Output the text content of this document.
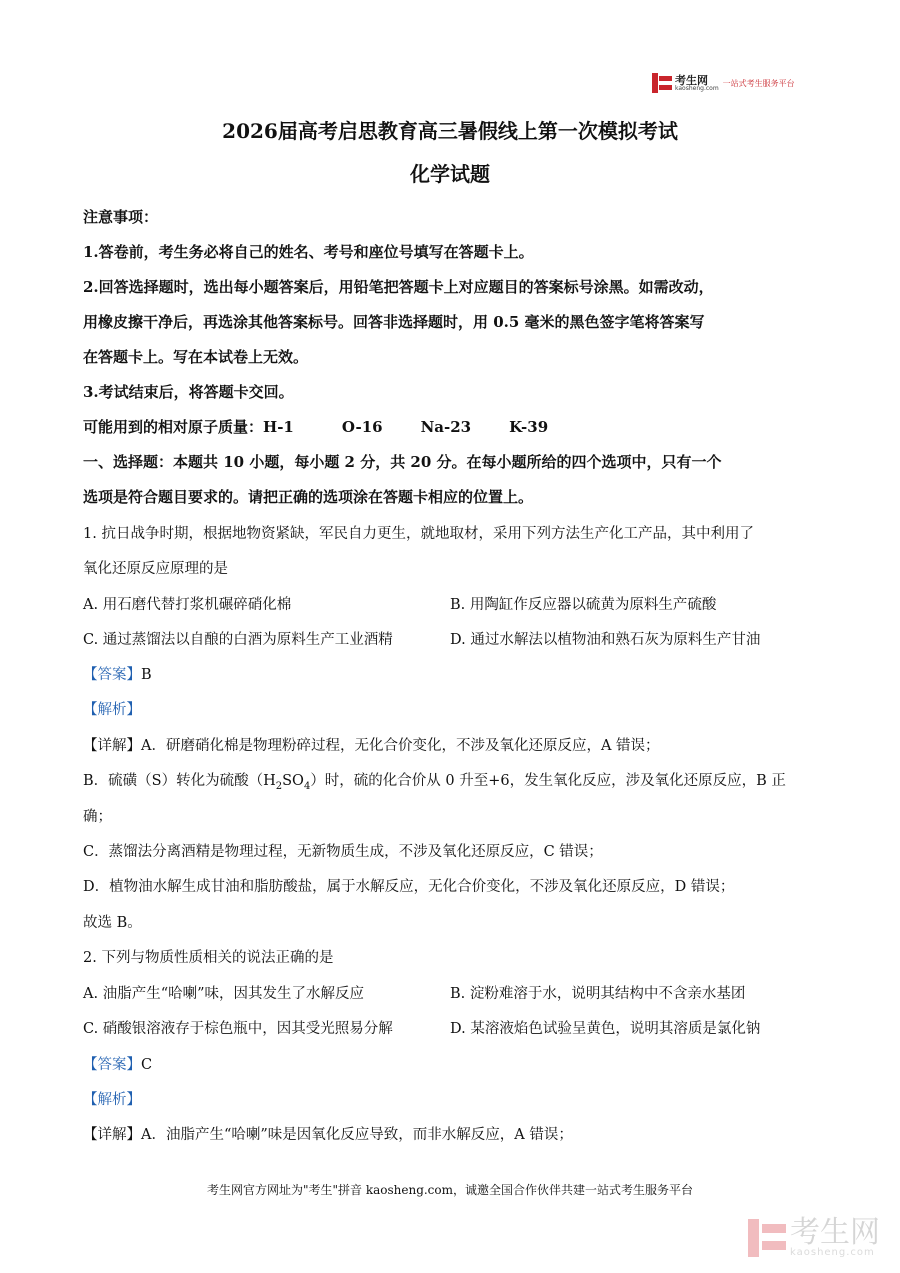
考生网
kaosheng.com
一站式考生服务平台
2026届高考启思教育高三暑假线上第一次模拟考试
化学试题
注意事项：
1.答卷前，考生务必将自己的姓名、考号和座位号填写在答题卡上。
2.回答选择题时，选出每小题答案后，用铅笔把答题卡上对应题目的答案标号涂黑。如需改动，
用橡皮擦干净后，再选涂其他答案标号。回答非选择题时，用 0.5 毫米的黑色签字笔将答案写
在答题卡上。写在本试卷上无效。
3.考试结束后，将答题卡交回。
可能用到的相对原子质量：H-1	O-16	Na-23	K-39
一、选择题：本题共 10 小题，每小题 2 分，共 20 分。在每小题所给的四个选项中，只有一个
选项是符合题目要求的。请把正确的选项涂在答题卡相应的位置上。
1. 抗日战争时期，根据地物资紧缺，军民自力更生，就地取材，采用下列方法生产化工产品，其中利用了
氧化还原反应原理的是
A. 用石磨代替打浆机碾碎硝化棉	B. 用陶缸作反应器以硫黄为原料生产硫酸
C. 通过蒸馏法以自酿的白酒为原料生产工业酒精	D. 通过水解法以植物油和熟石灰为原料生产甘油
【答案】B
【解析】
【详解】A．研磨硝化棉是物理粉碎过程，无化合价变化，不涉及氧化还原反应，A 错误；
B．硫磺（S）转化为硫酸$(H_2SO_4)$时，硫的化合价从 0 升至+6，发生氧化反应，涉及氧化还原反应，B 正
确；
C．蒸馏法分离酒精是物理过程，无新物质生成，不涉及氧化还原反应，C 错误；
D．植物油水解生成甘油和脂肪酸盐，属于水解反应，无化合价变化，不涉及氧化还原反应，D 错误；
故选 B。
2. 下列与物质性质相关的说法正确的是
A. 油脂产生“哈喇”味，因其发生了水解反应	B. 淀粉难溶于水，说明其结构中不含亲水基团
C. 硝酸银溶液存于棕色瓶中，因其受光照易分解	D. 某溶液焰色试验呈黄色，说明其溶质是氯化钠
【答案】C
【解析】
【详解】A．油脂产生“哈喇”味是因氧化反应导致，而非水解反应，A 错误；
考生网官方网址为"考生"拼音 kaosheng.com，诚邀全国合作伙伴共建一站式考生服务平台
考生网
kaosheng.com
